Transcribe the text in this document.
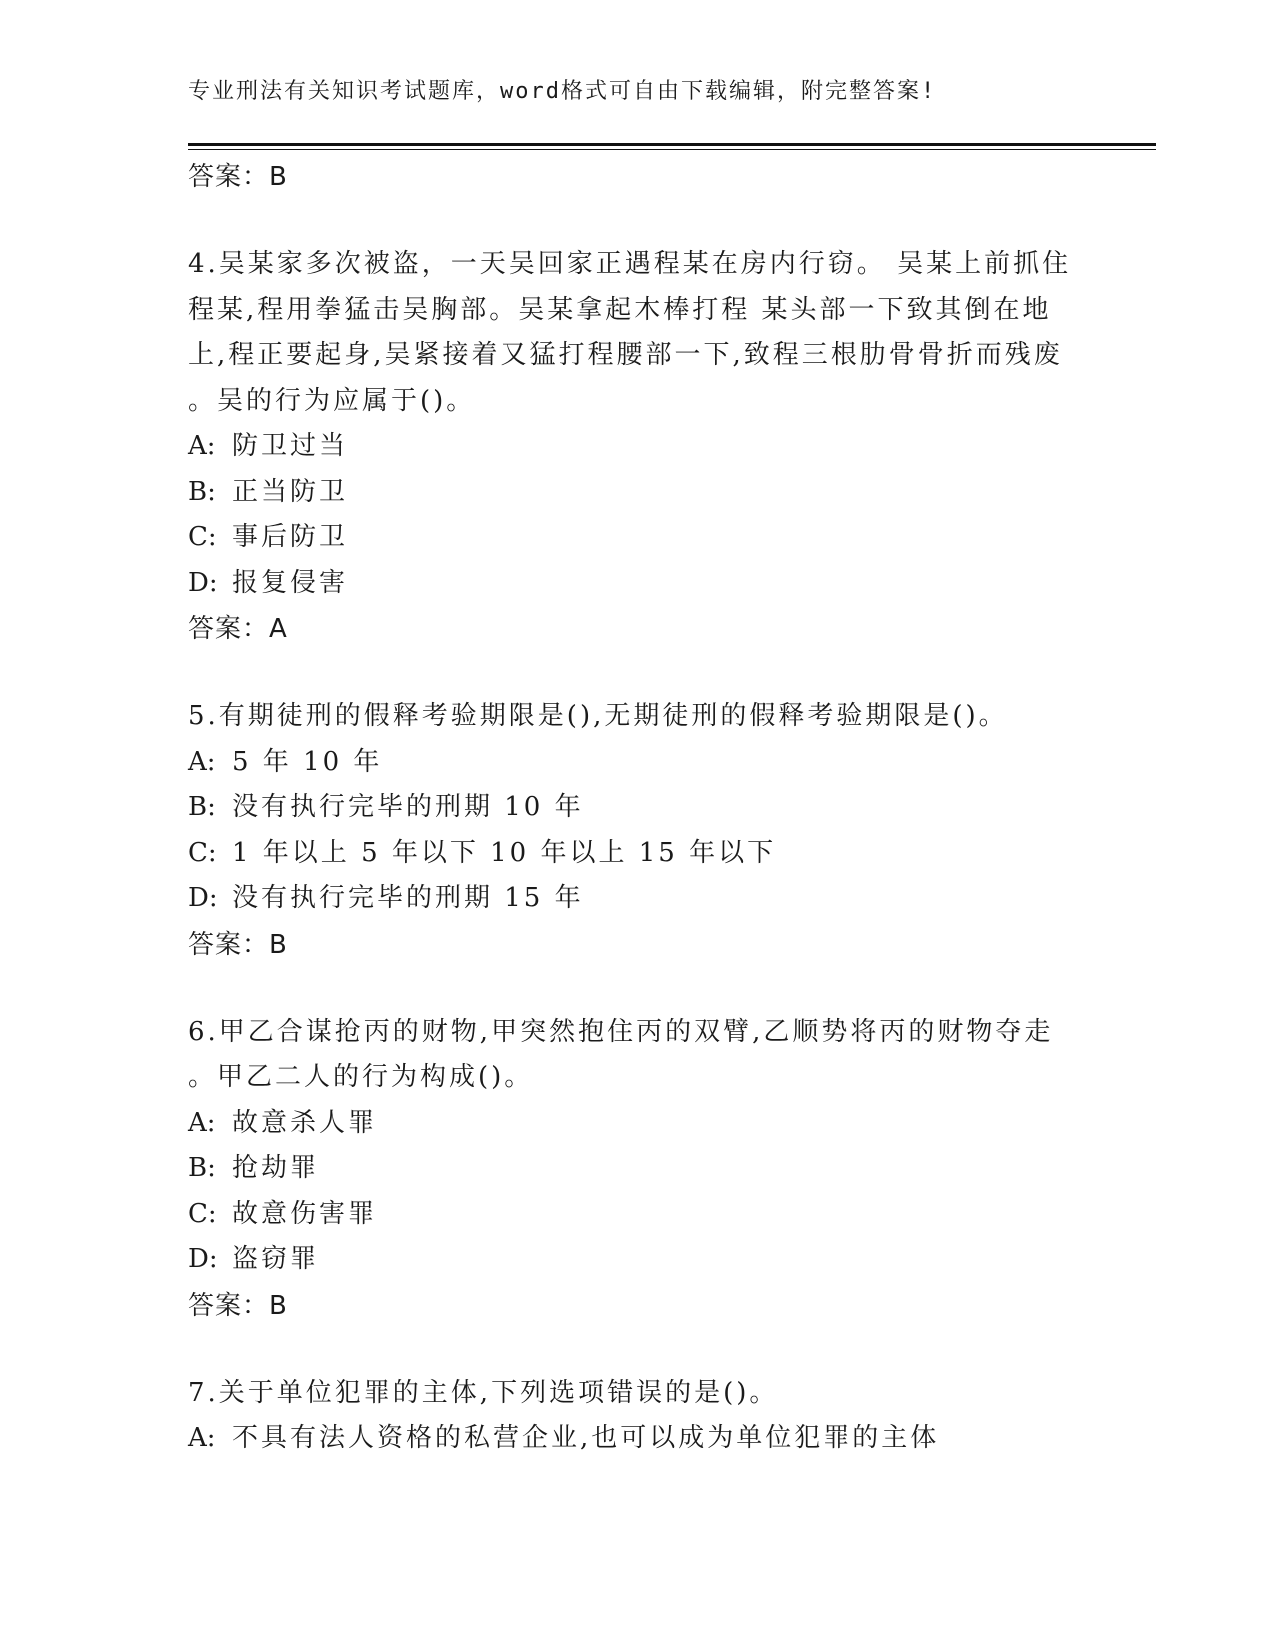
专业刑法有关知识考试题库，word格式可自由下载编辑，附完整答案!
答案：B
4.吴某家多次被盗，一天吴回家正遇程某在房内行窃。 吴某上前抓住
程某,程用拳猛击吴胸部。吴某拿起木棒打程 某头部一下致其倒在地
上,程正要起身,吴紧接着又猛打程腰部一下,致程三根肋骨骨折而残废
。吴的行为应属于()。
A: 防卫过当
B: 正当防卫
C: 事后防卫
D: 报复侵害
答案：A
5.有期徒刑的假释考验期限是(),无期徒刑的假释考验期限是()。
A: 5 年 10 年
B: 没有执行完毕的刑期 10 年
C: 1 年以上 5 年以下 10 年以上 15 年以下
D: 没有执行完毕的刑期 15 年
答案：B
6.甲乙合谋抢丙的财物,甲突然抱住丙的双臂,乙顺势将丙的财物夺走
。甲乙二人的行为构成()。
A: 故意杀人罪
B: 抢劫罪
C: 故意伤害罪
D: 盗窃罪
答案：B
7.关于单位犯罪的主体,下列选项错误的是()。
A: 不具有法人资格的私营企业,也可以成为单位犯罪的主体
